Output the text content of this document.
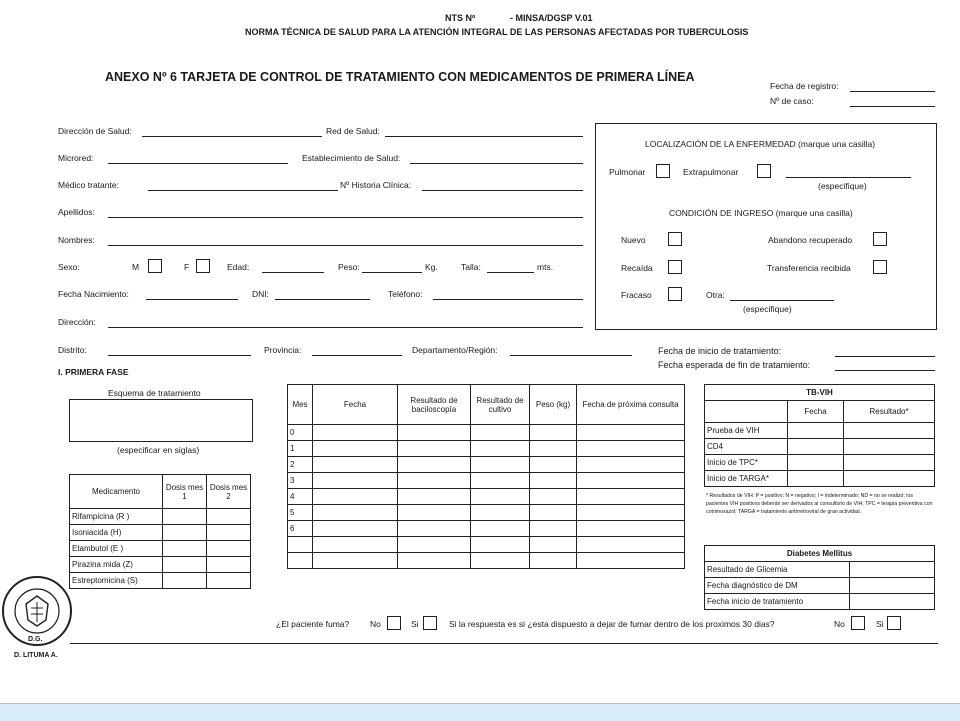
NTS Nº	- MINSA/DGSP V.01
NORMA TÉCNICA DE SALUD PARA LA ATENCIÓN INTEGRAL DE LAS PERSONAS AFECTADAS POR TUBERCULOSIS
ANEXO Nº 6 TARJETA DE CONTROL DE TRATAMIENTO CON MEDICAMENTOS DE PRIMERA LÍNEA
Fecha de registro:
Nº de caso:
Dirección de Salud:	Red de Salud:
Microred:	Establecimiento de Salud:
Médico tratante:	Nº Historia Clínica:
Apellidos:
Nombres:
Sexo:	M	F	Edad:	Peso:	Kg.	Talla:	mts.
Fecha Nacimiento:	DNI:	Teléfono:
Dirección:
Distrito:	Provincia:	Departamento/Región:	Fecha de inicio de tratamiento:
Fecha esperada de fin de tratamiento:
LOCALIZACIÓN DE LA ENFERMEDAD (marque una casilla)
Pulmonar	Extrapulmonar
(especifique)
CONDICIÓN DE INGRESO (marque una casilla)
Nuevo	Abandono recuperado
Recaída	Transferencia recibida
Fracaso	Otra:
(especifique)
I. PRIMERA FASE
Esquema de tratamiento
(especificar en siglas)
Medicamento	Dosis mes 1	Dosis mes 2
Rifampicina (R )		
Isoniacida (H)		
Etambutol (E )		
Pirazina mida (Z)		
Estreptomicina (S)		
Mes	Fecha	Resultado de baciloscopía	Resultado de cultivo	Peso (kg)	Fecha de próxima consulta
0					
1					
2					
3					
4					
5					
6					

TB-VIH		
	Fecha	Resultado*
Prueba de VIH		
CD4		
Inicio de TPC*		
Inicio de TARGA*		
* Resultados de VIH: P = positivo; N = negativo; I = indeterminado; ND = no se realizó; los pacientes VIH positivos deberán ser derivados al consultorio de VIH; TPC = terapia preventiva con cotrimoxazol; TARGA = tratamiento antirretroviral de gran actividad.
Diabetes Mellitus	
Resultado de Glicemia	
Fecha diagnóstico de DM	
Fecha inicio de tratamiento	
¿El paciente fuma? No	Si	Si la respuesta es si ¿esta dispuesto a dejar de fumar dentro de los proximos 30 dias?	No	Si
D.G.
D. LITUMA A.
